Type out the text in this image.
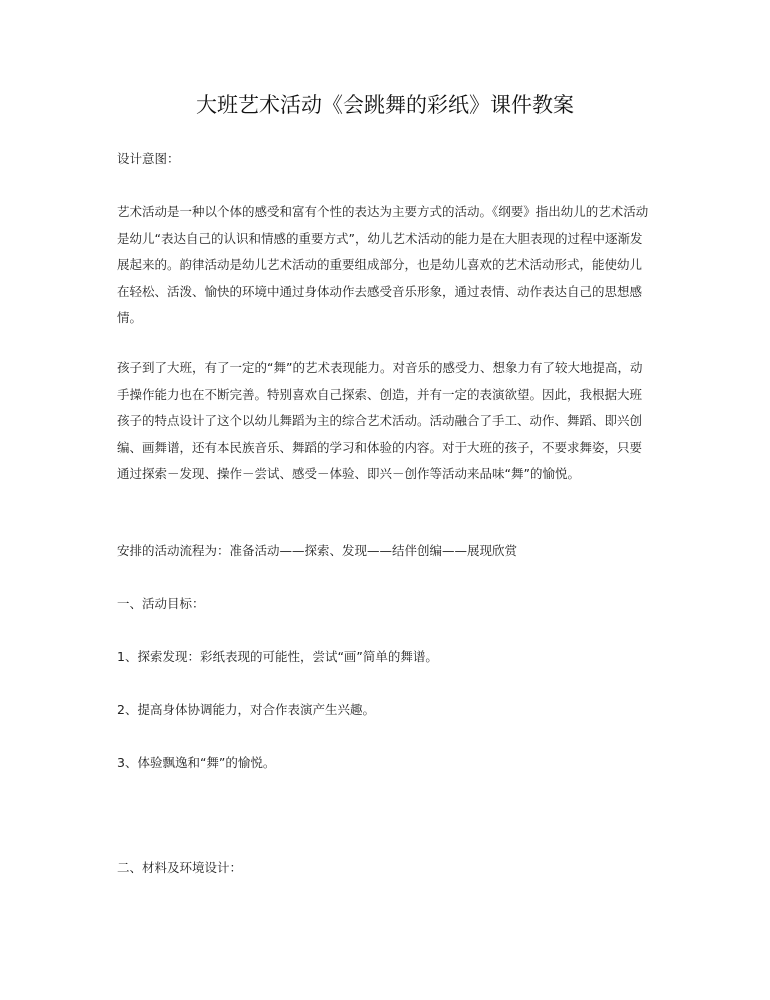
大班艺术活动《会跳舞的彩纸》课件教案

设计意图：

艺术活动是一种以个体的感受和富有个性的表达为主要方式的活动。《纲要》指出幼儿的艺术活动是幼儿“表达自己的认识和情感的重要方式”，幼儿艺术活动的能力是在大胆表现的过程中逐渐发展起来的。韵律活动是幼儿艺术活动的重要组成部分，也是幼儿喜欢的艺术活动形式，能使幼儿在轻松、活泼、愉快的环境中通过身体动作去感受音乐形象，通过表情、动作表达自己的思想感情。

孩子到了大班，有了一定的“舞”的艺术表现能力。对音乐的感受力、想象力有了较大地提高，动手操作能力也在不断完善。特别喜欢自己探索、创造，并有一定的表演欲望。因此，我根据大班孩子的特点设计了这个以幼儿舞蹈为主的综合艺术活动。活动融合了手工、动作、舞蹈、即兴创编、画舞谱，还有本民族音乐、舞蹈的学习和体验的内容。对于大班的孩子，不要求舞姿，只要通过探索－发现、操作－尝试、感受－体验、即兴－创作等活动来品味“舞”的愉悦。

安排的活动流程为：准备活动——探索、发现——结伴创编——展现欣赏

一、活动目标：

1、探索发现：彩纸表现的可能性，尝试“画”简单的舞谱。

2、提高身体协调能力，对合作表演产生兴趣。

3、体验飘逸和“舞”的愉悦。

二、材料及环境设计：
